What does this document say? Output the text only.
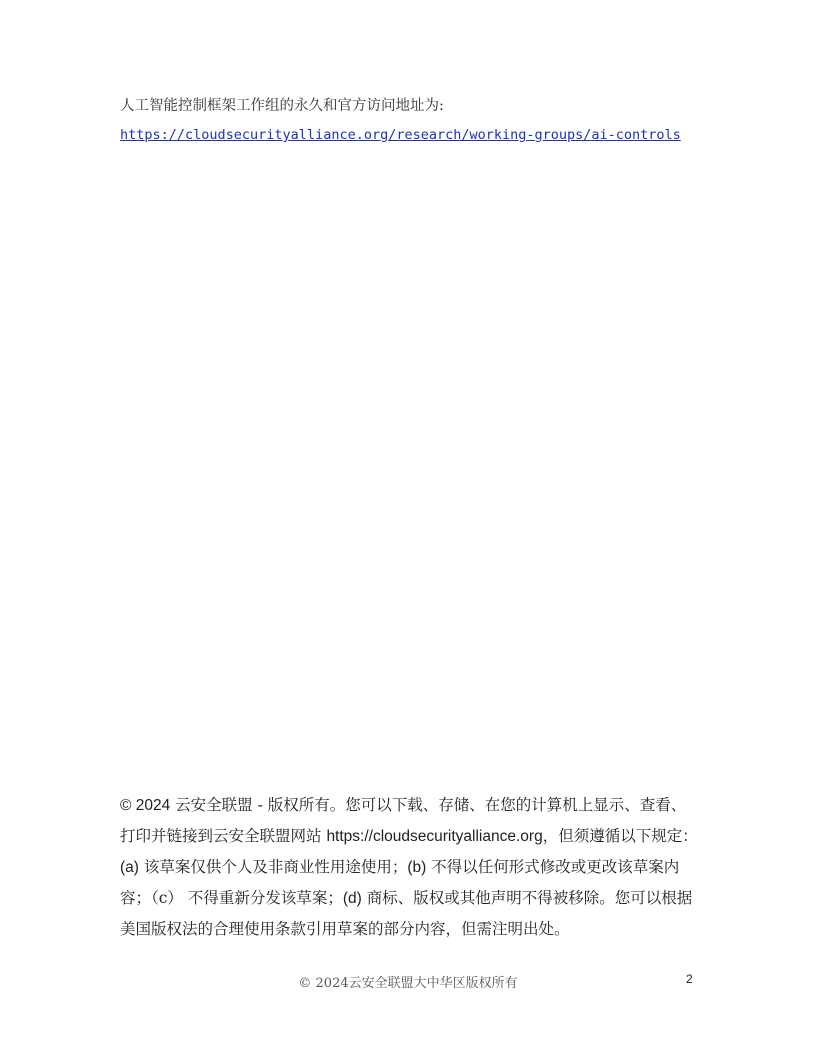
人工智能控制框架工作组的永久和官方访问地址为:
https://cloudsecurityalliance.org/research/working-groups/ai-controls
© 2024 云安全联盟 - 版权所有。您可以下载、存储、在您的计算机上显示、查看、打印并链接到云安全联盟网站 https://cloudsecurityalliance.org，但须遵循以下规定：(a) 该草案仅供个人及非商业性用途使用；(b) 不得以任何形式修改或更改该草案内容；（c） 不得重新分发该草案；(d) 商标、版权或其他声明不得被移除。您可以根据美国版权法的合理使用条款引用草案的部分内容，但需注明出处。
© 2024云安全联盟大中华区版权所有	2
